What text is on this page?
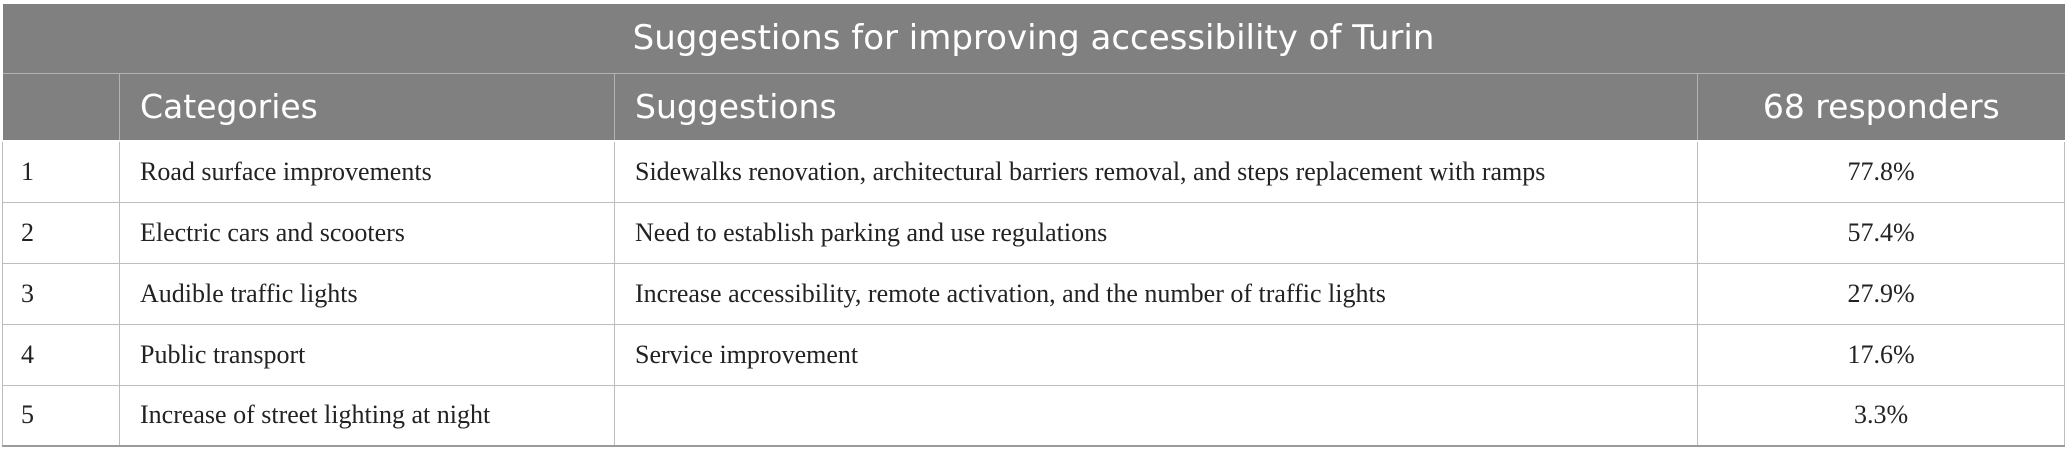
Suggestions for improving accessibility of Turin			
	Categories	Suggestions	68 responders
1	Road surface improvements	Sidewalks renovation, architectural barriers removal, and steps replacement with ramps	77.8%
2	Electric cars and scooters	Need to establish parking and use regulations	57.4%
3	Audible traffic lights	Increase accessibility, remote activation, and the number of traffic lights	27.9%
4	Public transport	Service improvement	17.6%
5	Increase of street lighting at night		3.3%
